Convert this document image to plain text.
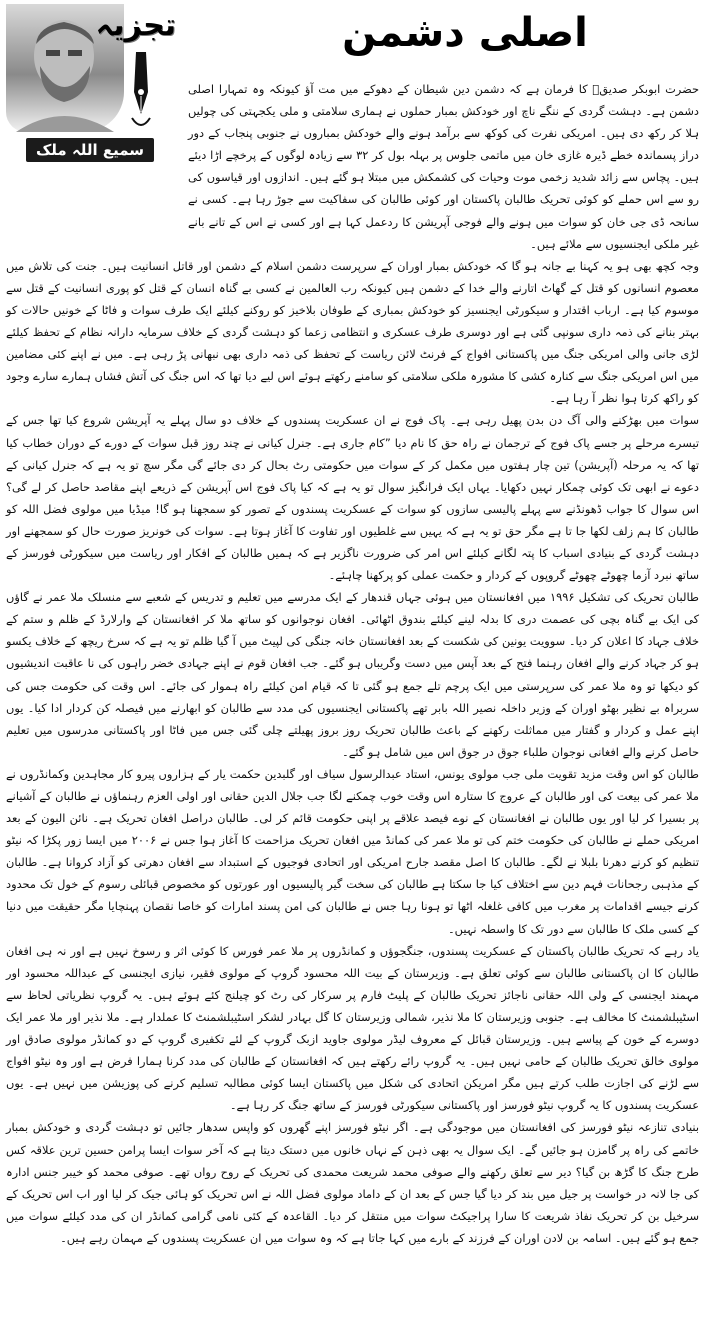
تجزیہ
سمیع اللہ ملک
اصلی دشمن

حضرت ابوبکر صدیقؓ کا فرمان ہے کہ دشمن دین شیطان کے دھوکے میں مت آؤ کیونکہ وہ تمہارا اصلی دشمن ہے۔ دہشت گردی کے ننگے ناچ اور خودکش بمبار حملوں نے ہماری سلامتی و ملی یکجہتی کی چولیں ہلا کر رکھ دی ہیں۔ امریکی نفرت کی کوکھ سے برآمد ہونے والے خودکش بمباروں نے جنوبی پنجاب کے دور دراز پسماندہ خطے ڈیرہ غازی خان میں ماتمی جلوس پر بہلہ بول کر ۳۲ سے زیادہ لوگوں کے پرخچے اڑا دیئے ہیں۔ پچاس سے زائد شدید زخمی موت وحیات کی کشمکش میں مبتلا ہو گئے ہیں۔ اندازوں اور قیاسوں کی رو سے اس حملے کو کوئی تحریک طالبان پاکستان اور کوئی طالبان کی سفاکیت سے جوڑ رہا ہے۔ کسی نے سانحہ ڈی جی خان کو سوات میں ہونے والے فوجی آپریشن کا ردعمل کہا ہے اور کسی نے اس کے تانے بانے غیر ملکی ایجنسیوں سے ملائے ہیں۔

وجہ کچھ بھی ہو یہ کہنا بے جانہ ہو گا کہ خودکش بمبار اوران کے سرپرست دشمن اسلام کے دشمن اور قاتل انسانیت ہیں۔ جنت کی تلاش میں معصوم انسانوں کو قتل کے گھاٹ اتارنے والے خدا کے دشمن ہیں کیونکہ رب العالمین نے کسی بے گناہ انسان کے قتل کو پوری انسانیت کے قتل سے موسوم کیا ہے۔ ارباب اقتدار و سیکورٹی ایجنسیز کو خودکش بمباری کے طوفان بلاخیز کو روکنے کیلئے ایک طرف سوات و فاٹا کے خونیں حالات کو بہتر بنانے کی ذمہ داری سونپی گئی ہے اور دوسری طرف عسکری و انتظامی زعما کو دہشت گردی کے خلاف سرمایہ دارانہ نظام کے تحفظ کیلئے لڑی جانی والی امریکی جنگ میں پاکستانی افواج کے فرنٹ لائن ریاست کے تحفظ کی ذمہ داری بھی نبھانی پڑ رہی ہے۔ میں نے اپنے کئی مضامین میں اس امریکی جنگ سے کنارہ کشی کا مشورہ ملکی سلامتی کو سامنے رکھتے ہوئے اس لیے دیا تھا کہ اس جنگ کی آتش فشاں ہمارے سارے وجود کو راکھ کرتا ہوا نظر آ رہا ہے۔

سوات میں بھڑکنے والی آگ دن بدن پھیل رہی ہے۔ پاک فوج نے ان عسکریت پسندوں کے خلاف دو سال پہلے یہ آپریشن شروع کیا تھا جس کے تیسرے مرحلے پر جسے پاک فوج کے ترجمان نے راہ حق کا نام دیا ”کام جاری ہے۔ جنرل کیانی نے چند روز قبل سوات کے دورے کے دوران خطاب کیا تھا کہ یہ مرحلہ (آپریشن) تین چار ہفتوں میں مکمل کر کے سوات میں حکومتی رٹ بحال کر دی جائے گی مگر سچ تو یہ ہے کہ جنرل کیانی کے دعوے نے ابھی تک کوئی چمکار نہیں دکھایا۔ یہاں ایک فرانگیز سوال تو یہ ہے کہ کیا پاک فوج اس آپریشن کے ذریعے اپنے مقاصد حاصل کر لے گی؟ اس سوال کا جواب ڈھونڈنے سے پہلے پالیسی سازوں کو سوات کے عسکریت پسندوں کے تصور کو سمجھنا ہو گا! میڈیا میں مولوی فضل اللہ کو طالبان کا ہم زلف لکھا جا تا ہے مگر حق تو یہ ہے کہ یہیں سے غلطیوں اور تفاوت کا آغاز ہوتا ہے۔ سوات کی خونریز صورت حال کو سمجھنے اور دہشت گردی کے بنیادی اسباب کا پتہ لگانے کیلئے اس امر کی ضرورت ناگزیر ہے کہ ہمیں طالبان کے افکار اور ریاست میں سیکورٹی فورسز کے ساتھ نبرد آزما چھوٹے چھوٹے گروپوں کے کردار و حکمت عملی کو پرکھنا چاہئے۔

طالبان تحریک کی تشکیل ۱۹۹۶ میں افغانستان میں ہوئی جہاں قندھار کے ایک مدرسے میں تعلیم و تدریس کے شعبے سے منسلک ملا عمر نے گاؤں کی ایک بے گناہ بچی کی عصمت دری کا بدلہ لینے کیلئے بندوق اٹھائی۔ افغان نوجوانوں کو ساتھ ملا کر افغانستان کے وارلارڈ کے ظلم و ستم کے خلاف جہاد کا اعلان کر دیا۔ سوویت یونین کی شکست کے بعد افغانستان خانہ جنگی کی لپیٹ میں آ گیا ظلم تو یہ ہے کہ سرخ ریچھ کے خلاف یکسو ہو کر جہاد کرنے والے افغان رہنما فتح کے بعد آپس میں دست وگریباں ہو گئے۔ جب افغان قوم نے اپنے جہادی خضر راہوں کی نا عاقبت اندیشیوں کو دیکھا تو وہ ملا عمر کی سرپرستی میں ایک پرچم تلے جمع ہو گئی تا کہ قیام امن کیلئے راہ ہموار کی جائے۔ اس وقت کی حکومت جس کی سربراہ بے نظیر بھٹو اوران کے وزیر داخلہ نصیر اللہ بابر تھے پاکستانی ایجنسیوں کی مدد سے طالبان کو ابھارنے میں فیصلہ کن کردار ادا کیا۔ یوں اپنے عمل و کردار و گفتار میں مماثلت رکھنے کے باعث طالبان تحریک روز بروز پھیلتے چلی گئی جس میں فاٹا اور پاکستانی مدرسوں میں تعلیم حاصل کرنے والے افغانی نوجوان طلباء جوق در جوق اس میں شامل ہو گئے۔

طالبان کو اس وقت مزید تقویت ملی جب مولوی یونس، استاد عبدالرسول سیاف اور گلبدین حکمت یار کے ہزاروں پیرو کار مجاہدین وکمانڈروں نے ملا عمر کی بیعت کی اور طالبان کے عروج کا ستارہ اس وقت خوب چمکنے لگا جب جلال الدین حقانی اور اولی العزم رہنماؤں نے طالبان کے آشیانے پر بسیرا کر لیا اور یوں طالبان نے افغانستان کے نوے فیصد علاقے پر اپنی حکومت قائم کر لی۔ طالبان دراصل افغان تحریک ہے۔ نائن الیون کے بعد امریکی حملے نے طالبان کی حکومت ختم کی تو ملا عمر کی کمانڈ میں افغان تحریک مزاحمت کا آغاز ہوا جس نے ۲۰۰۶ میں ایسا زور پکڑا کہ نیٹو تنظیم کو کرنے دھرنا بلبلا نے لگے۔ طالبان کا اصل مقصد جارح امریکی اور اتحادی فوجیوں کے استبداد سے افغان دھرتی کو آزاد کروانا ہے۔ طالبان کے مذہبی رجحانات فہم دین سے اختلاف کیا جا سکتا ہے طالبان کی سخت گیر پالیسیوں اور عورتوں کو مخصوص قبائلی رسوم کے خول تک محدود کرنے جیسے اقدامات پر مغرب میں کافی غلغلہ اٹھا تو ہونا رہا جس نے طالبان کی امن پسند امارات کو خاصا نقصان پہنچایا مگر حقیقت میں دنیا کے کسی ملک کا طالبان سے دور تک کا واسطہ نہیں۔

یاد رہے کہ تحریک طالبان پاکستان کے عسکریت پسندوں، جنگجوؤں و کمانڈروں پر ملا عمر فورس کا کوئی اثر و رسوخ نہیں ہے اور نہ ہی افغان طالبان کا ان پاکستانی طالبان سے کوئی تعلق ہے۔ وزیرستان کے بیت اللہ محسود گروپ کے مولوی فقیر، نیازی ایجنسی کے عبداللہ محسود اور مہمند ایجنسی کے ولی اللہ حقانی ناجائز تحریک طالبان کے پلیٹ فارم پر سرکار کی رٹ کو چیلنج کئے ہوئے ہیں۔ یہ گروپ نظریاتی لحاظ سے اسٹیبلشمنٹ کا مخالف ہے۔ جنوبی وزیرستان کا ملا نذیر، شمالی وزیرستان کا گل بہادر لشکر اسٹیبلشمنٹ کا عملدار ہے۔ ملا نذیر اور ملا عمر ایک دوسرے کے خون کے پیاسے ہیں۔ وزیرستان قبائل کے معروف لیڈر مولوی جاوید ازبک گروپ کے لئے تکفیری گروپ کے دو کمانڈر مولوی صادق اور مولوی خالق تحریک طالبان کے حامی نہیں ہیں۔ یہ گروپ رائے رکھتے ہیں کہ افغانستان کے طالبان کی مدد کرنا ہمارا فرض ہے اور وہ نیٹو افواج سے لڑنے کی اجازت طلب کرتے ہیں مگر امریکن اتحادی کی شکل میں پاکستان ایسا کوئی مطالبہ تسلیم کرنے کی پوزیشن میں نہیں ہے۔ یوں عسکریت پسندوں کا یہ گروپ نیٹو فورسز اور پاکستانی سیکورٹی فورسز کے ساتھ جنگ کر رہا ہے۔

بنیادی تنازعہ نیٹو فورسز کی افغانستان میں موجودگی ہے۔ اگر نیٹو فورسز اپنے گھروں کو واپس سدھار جائیں تو دہشت گردی و خودکش بمبار خاتمے کی راہ پر گامزن ہو جائیں گے۔ ایک سوال یہ بھی ذہن کے نہاں خانوں میں دستک دیتا ہے کہ آخر سوات ایسا پرامن حسین ترین علاقہ کس طرح جنگ کا گڑھ بن گیا؟ دیر سے تعلق رکھنے والے صوفی محمد شریعت محمدی کی تحریک کے روح رواں تھے۔ صوفی محمد کو خیبر جنس ادارہ کی جا لانہ در خواست پر جیل میں بند کر دیا گیا جس کے بعد ان کے داماد مولوی فضل اللہ نے اس تحریک کو ہائی جیک کر لیا اور اب اس تحریک کے سرخیل بن کر تحریک نفاذ شریعت کا سارا پراجیکٹ سوات میں منتقل کر دیا۔ القاعدہ کے کئی نامی گرامی کمانڈر ان کی مدد کیلئے سوات میں جمع ہو گئے ہیں۔ اسامہ بن لادن اوران کے فرزند کے بارے میں کہا جاتا ہے کہ وہ سوات میں ان عسکریت پسندوں کے مہمان رہے ہیں۔
